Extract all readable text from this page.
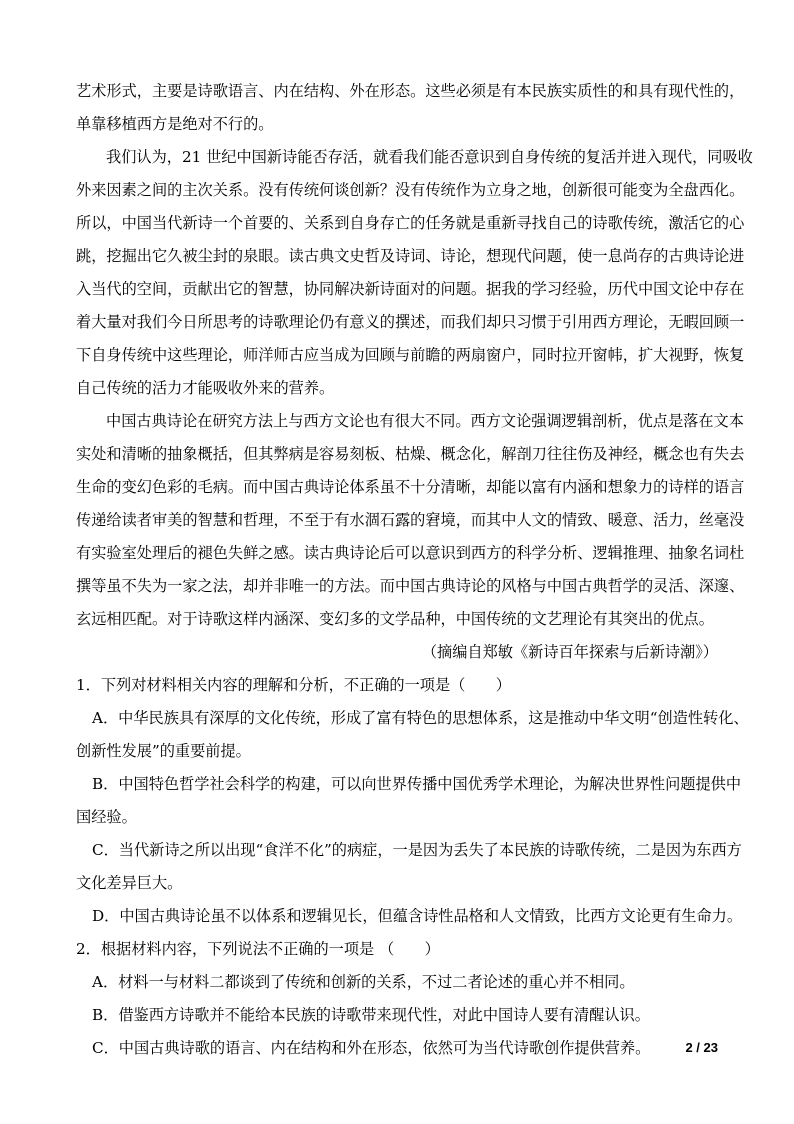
艺术形式，主要是诗歌语言、内在结构、外在形态。这些必须是有本民族实质性的和具有现代性的，
单靠移植西方是绝对不行的。
我们认为，21 世纪中国新诗能否存活，就看我们能否意识到自身传统的复活并进入现代，同吸收
外来因素之间的主次关系。没有传统何谈创新？没有传统作为立身之地，创新很可能变为全盘西化。
所以，中国当代新诗一个首要的、关系到自身存亡的任务就是重新寻找自己的诗歌传统，激活它的心
跳，挖掘出它久被尘封的泉眼。读古典文史哲及诗词、诗论，想现代问题，使一息尚存的古典诗论进
入当代的空间，贡献出它的智慧，协同解决新诗面对的问题。据我的学习经验，历代中国文论中存在
着大量对我们今日所思考的诗歌理论仍有意义的撰述，而我们却只习惯于引用西方理论，无暇回顾一
下自身传统中这些理论，师洋师古应当成为回顾与前瞻的两扇窗户，同时拉开窗帏，扩大视野，恢复
自己传统的活力才能吸收外来的营养。
中国古典诗论在研究方法上与西方文论也有很大不同。西方文论强调逻辑剖析，优点是落在文本
实处和清晰的抽象概括，但其弊病是容易刻板、枯燥、概念化，解剖刀往往伤及神经，概念也有失去
生命的变幻色彩的毛病。而中国古典诗论体系虽不十分清晰，却能以富有内涵和想象力的诗样的语言
传递给读者审美的智慧和哲理，不至于有水涸石露的窘境，而其中人文的情致、暖意、活力，丝毫没
有实验室处理后的褪色失鲜之感。读古典诗论后可以意识到西方的科学分析、逻辑推理、抽象名词杜
撰等虽不失为一家之法，却并非唯一的方法。而中国古典诗论的风格与中国古典哲学的灵活、深邃、
玄远相匹配。对于诗歌这样内涵深、变幻多的文学品种，中国传统的文艺理论有其突出的优点。
（摘编自郑敏《新诗百年探索与后新诗潮》）
1．下列对材料相关内容的理解和分析，不正确的一项是（　　）
A．中华民族具有深厚的文化传统，形成了富有特色的思想体系，这是推动中华文明“创造性转化、
创新性发展”的重要前提。
B．中国特色哲学社会科学的构建，可以向世界传播中国优秀学术理论，为解决世界性问题提供中
国经验。
C．当代新诗之所以出现“食洋不化”的病症，一是因为丢失了本民族的诗歌传统，二是因为东西方
文化差异巨大。
D．中国古典诗论虽不以体系和逻辑见长，但蕴含诗性品格和人文情致，比西方文论更有生命力。
2．根据材料内容，下列说法不正确的一项是 （　　）
A．材料一与材料二都谈到了传统和创新的关系，不过二者论述的重心并不相同。
B．借鉴西方诗歌并不能给本民族的诗歌带来现代性，对此中国诗人要有清醒认识。
C．中国古典诗歌的语言、内在结构和外在形态，依然可为当代诗歌创作提供营养。	2 / 23
